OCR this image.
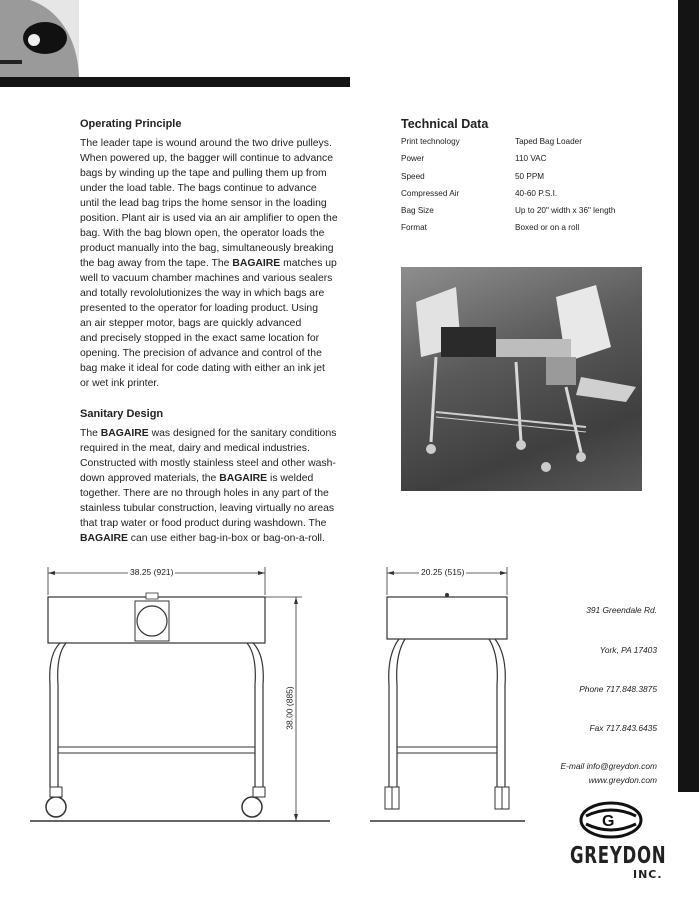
Operating Principle

The leader tape is wound around the two drive pulleys.

When powered up, the bagger will continue to advance

bags by winding up the tape and pulling them up from

under the load table. The bags continue to advance

until the lead bag trips the home sensor in the loading

position. Plant air is used via an air amplifier to open the

bag. With the bag blown open, the operator loads the

product manually into the bag, simultaneously breaking

the bag away from the tape. The BAGAIRE matches up

well to vacuum chamber machines and various sealers

and totally revololutionizes the way in which bags are

presented to the operator for loading product. Using

an air stepper motor, bags are quickly advanced

and precisely stopped in the exact same location for

opening. The precision of advance and control of the

bag make it ideal for code dating with either an ink jet

or wet ink printer.

Sanitary Design

The BAGAIRE was designed for the sanitary conditions

required in the meat, dairy and medical industries.

Constructed with mostly stainless steel and other wash-

down approved materials, the BAGAIRE is welded

together. There are no through holes in any part of the

stainless tubular construction, leaving virtually no areas

that trap water or food product during washdown. The

BAGAIRE can use either bag-in-box or bag-on-a-roll.

Technical Data
Print technology	Taped Bag Loader
Power	110 VAC
Speed	50 PPM
Compressed Air	40-60 P.S.I.
Bag Size	Up to 20" width x 36" length
Format	Boxed or on a roll
38.25 (921)
38.00 (885)
20.25 (515)
391 Greendale Rd.
York, PA 17403
Phone 717.848.3875
Fax 717.843.6435
E-mail info@greydon.com
www.greydon.com
G
GREYDON
INC.
